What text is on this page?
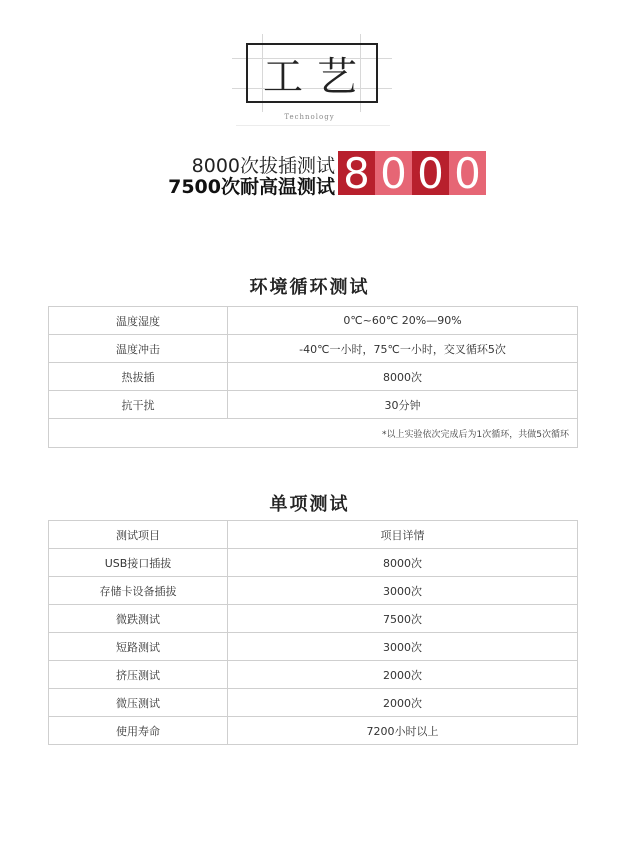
工艺
Technology
8000次拔插测试
7500次耐高温测试 8 0 0 0
环境循环测试
温度湿度	0℃~60℃ 20%—90%
温度冲击	-40℃一小时，75℃一小时，交叉循环5次
热拔插	8000次
抗干扰	30分钟
*以上实验依次完成后为1次循环，共做5次循环	
单项测试
测试项目	项目详情
USB接口插拔	8000次
存储卡设备插拔	3000次
微跌测试	7500次
短路测试	3000次
挤压测试	2000次
微压测试	2000次
使用寿命	7200小时以上
